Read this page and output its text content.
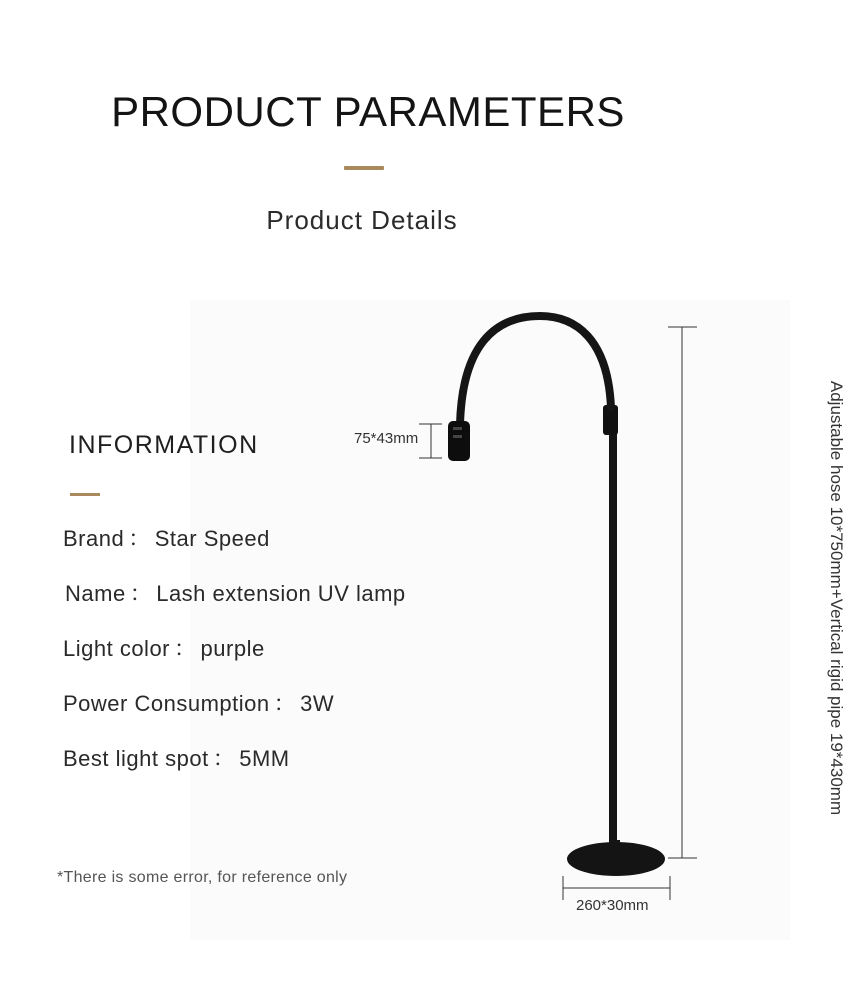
PRODUCT PARAMETERS
Product Details
75*43mm
260*30mm
Adjustable hose 10*750mm+Vertical rigid pipe 19*430mm
INFORMATION
Brand ： Star Speed
Name ： Lash extension UV lamp
Light color ： purple
Power Consumption ： 3W
Best light spot ： 5MM
*There is some error, for reference only
